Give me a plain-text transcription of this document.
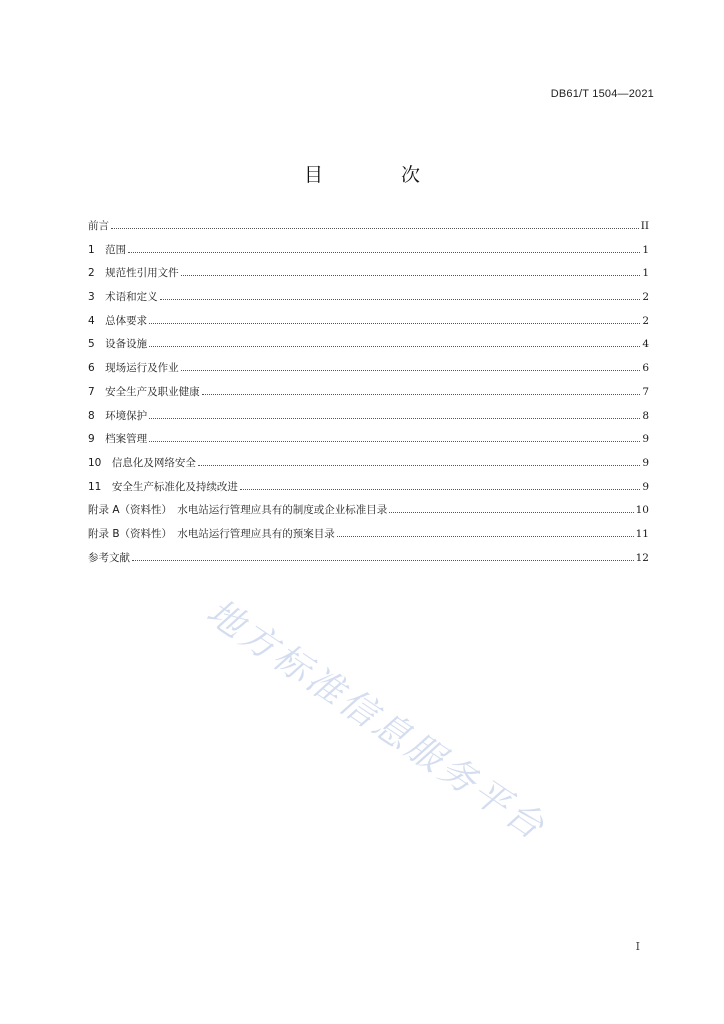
DB61/T 1504—2021
目 次
前言	II
1　范围	1
2　规范性引用文件	1
3　术语和定义	2
4　总体要求	2
5　设备设施	4
6　现场运行及作业	6
7　安全生产及职业健康	7
8　环境保护	8
9　档案管理	9
10　信息化及网络安全	9
11　安全生产标准化及持续改进	9
附录 A（资料性）　水电站运行管理应具有的制度或企业标准目录	10
附录 B（资料性）　水电站运行管理应具有的预案目录	11
参考文献	12
地方标准信息服务平台
I
